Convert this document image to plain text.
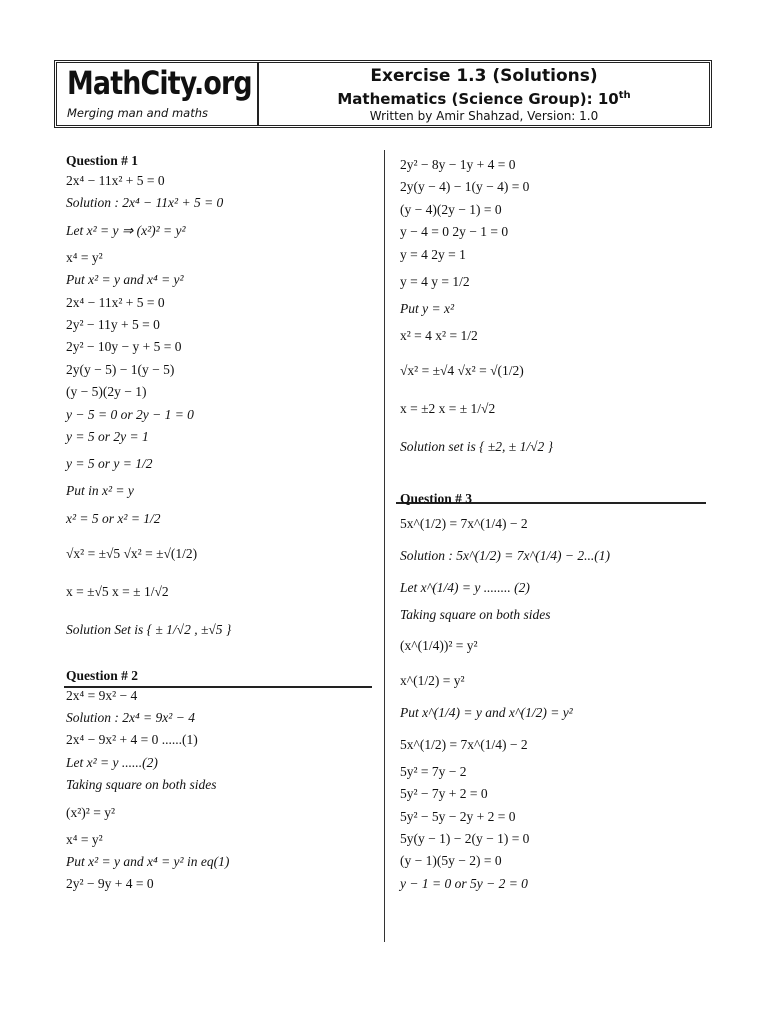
MathCity.org
Merging man and maths
Exercise 1.3 (Solutions)
Mathematics (Science Group): 10th
Written by Amir Shahzad, Version: 1.0
Question # 1
2x⁴ − 11x² + 5 = 0
Solution : 2x⁴ − 11x² + 5 = 0
Let x² = y ⇒ (x²)² = y²
x⁴ = y²
Put x² = y and x⁴ = y²
2x⁴ − 11x² + 5 = 0
2y² − 11y + 5 = 0
2y² − 10y − y + 5 = 0
2y(y − 5) − 1(y − 5)
(y − 5)(2y − 1)
y − 5 = 0 or 2y − 1 = 0
y = 5 or 2y = 1
y = 5 or y = 1/2
Put in x² = y
x² = 5 or x² = 1/2
√x² = ±√5 √x² = ±√(1/2)
x = ±√5 x = ± 1/√2
Solution Set is { ± 1/√2 , ±√5 }
Question # 2
2x⁴ = 9x² − 4
Solution : 2x⁴ = 9x² − 4
2x⁴ − 9x² + 4 = 0 ......(1)
Let x² = y ......(2)
Taking square on both sides
(x²)² = y²
x⁴ = y²
Put x² = y and x⁴ = y² in eq(1)
2y² − 9y + 4 = 0
2y² − 8y − 1y + 4 = 0
2y(y − 4) − 1(y − 4) = 0
(y − 4)(2y − 1) = 0
y − 4 = 0 2y − 1 = 0
y = 4 2y = 1
y = 4 y = 1/2
Put y = x²
x² = 4 x² = 1/2
√x² = ±√4 √x² = √(1/2)
x = ±2 x = ± 1/√2
Solution set is { ±2, ± 1/√2 }
Question # 3
5x^(1/2) = 7x^(1/4) − 2
Solution : 5x^(1/2) = 7x^(1/4) − 2...(1)
Let x^(1/4) = y ........ (2)
Taking square on both sides
(x^(1/4))² = y²
x^(1/2) = y²
Put x^(1/4) = y and x^(1/2) = y²
5x^(1/2) = 7x^(1/4) − 2
5y² = 7y − 2
5y² − 7y + 2 = 0
5y² − 5y − 2y + 2 = 0
5y(y − 1) − 2(y − 1) = 0
(y − 1)(5y − 2) = 0
y − 1 = 0 or 5y − 2 = 0
